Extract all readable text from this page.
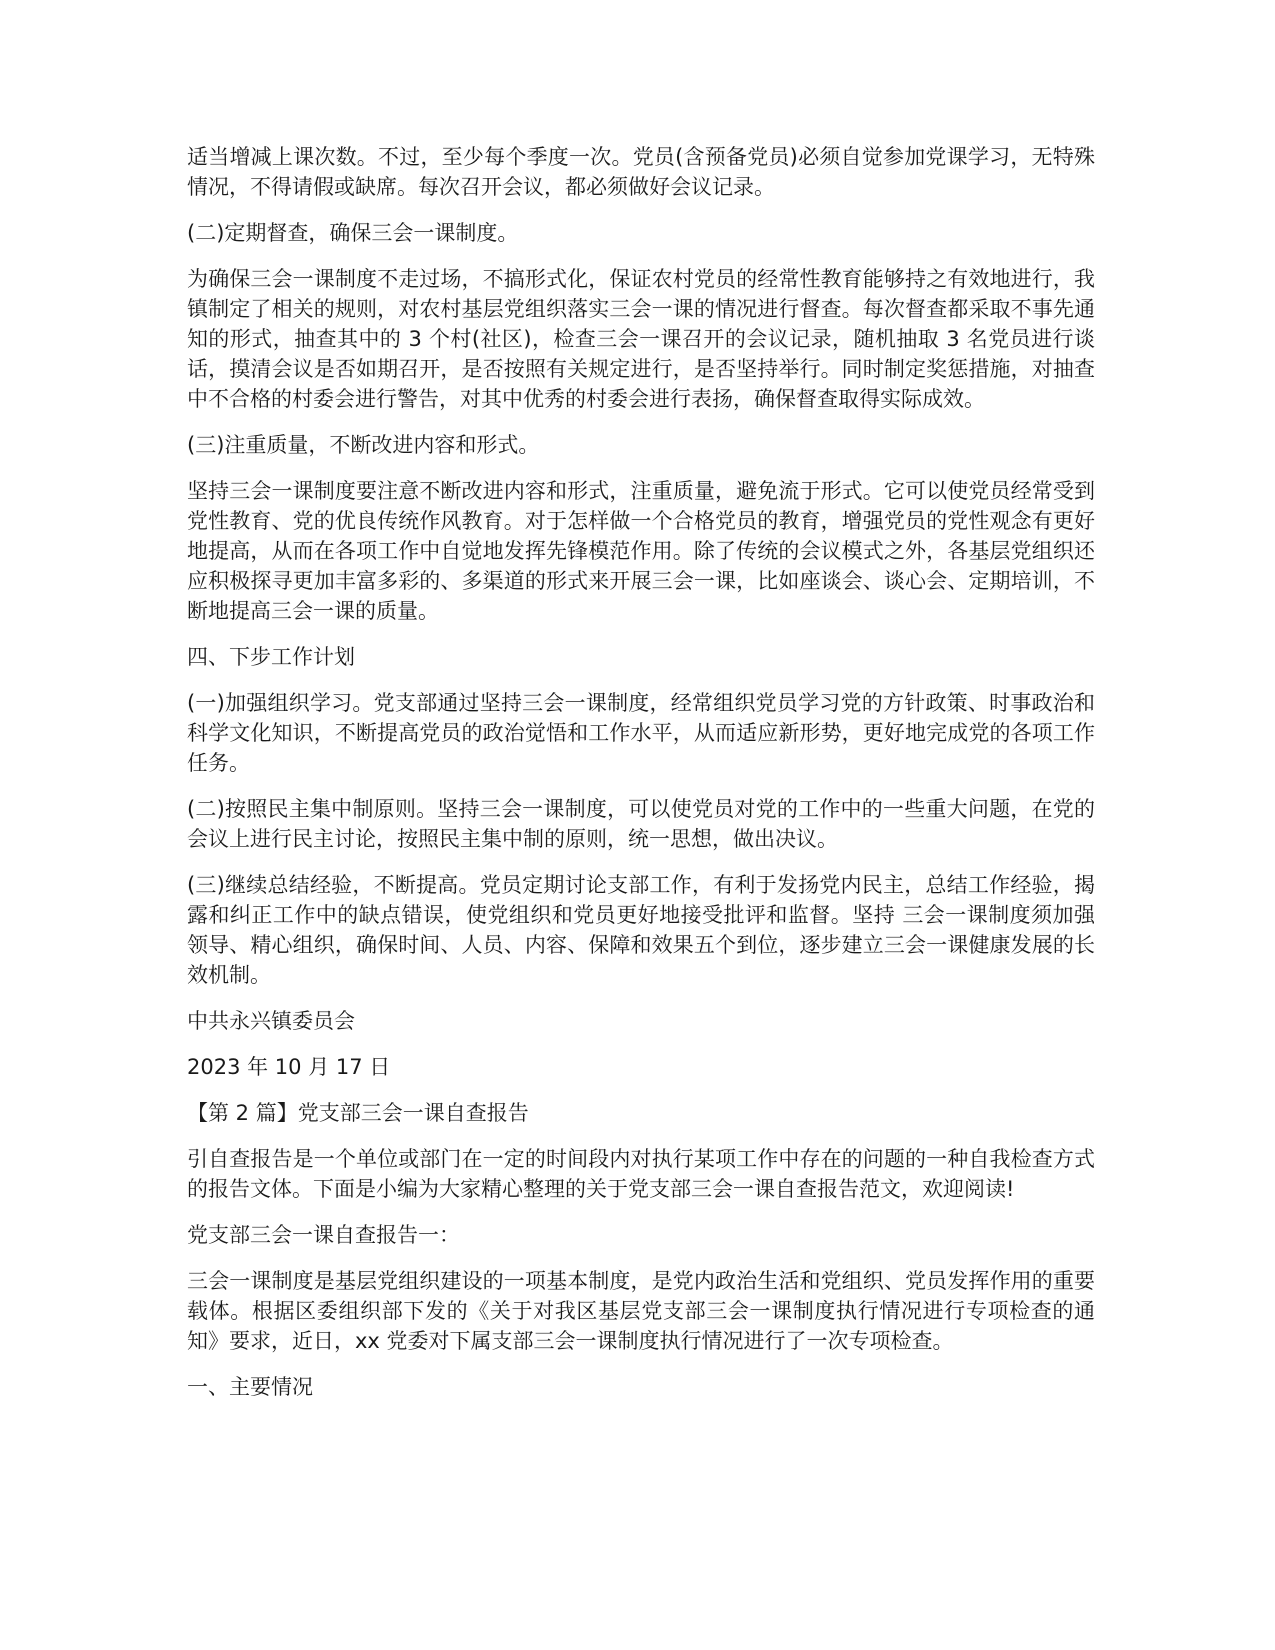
适当增减上课次数。不过，至少每个季度一次。党员(含预备党员)必须自觉参加党课学习，无特殊情况，不得请假或缺席。每次召开会议，都必须做好会议记录。

(二)定期督查，确保三会一课制度。

为确保三会一课制度不走过场，不搞形式化，保证农村党员的经常性教育能够持之有效地进行，我镇制定了相关的规则，对农村基层党组织落实三会一课的情况进行督查。每次督查都采取不事先通知的形式，抽查其中的 3 个村(社区)，检查三会一课召开的会议记录，随机抽取 3 名党员进行谈话，摸清会议是否如期召开，是否按照有关规定进行，是否坚持举行。同时制定奖惩措施，对抽查中不合格的村委会进行警告，对其中优秀的村委会进行表扬，确保督查取得实际成效。

(三)注重质量，不断改进内容和形式。

坚持三会一课制度要注意不断改进内容和形式，注重质量，避免流于形式。它可以使党员经常受到党性教育、党的优良传统作风教育。对于怎样做一个合格党员的教育，增强党员的党性观念有更好地提高，从而在各项工作中自觉地发挥先锋模范作用。除了传统的会议模式之外，各基层党组织还应积极探寻更加丰富多彩的、多渠道的形式来开展三会一课，比如座谈会、谈心会、定期培训，不断地提高三会一课的质量。

四、下步工作计划

(一)加强组织学习。党支部通过坚持三会一课制度，经常组织党员学习党的方针政策、时事政治和科学文化知识，不断提高党员的政治觉悟和工作水平，从而适应新形势，更好地完成党的各项工作任务。

(二)按照民主集中制原则。坚持三会一课制度，可以使党员对党的工作中的一些重大问题，在党的会议上进行民主讨论，按照民主集中制的原则，统一思想，做出决议。

(三)继续总结经验，不断提高。党员定期讨论支部工作，有利于发扬党内民主，总结工作经验，揭露和纠正工作中的缺点错误，使党组织和党员更好地接受批评和监督。坚持 三会一课制度须加强领导、精心组织，确保时间、人员、内容、保障和效果五个到位，逐步建立三会一课健康发展的长效机制。

中共永兴镇委员会

2023 年 10 月 17 日

【第 2 篇】党支部三会一课自查报告

引自查报告是一个单位或部门在一定的时间段内对执行某项工作中存在的问题的一种自我检查方式的报告文体。下面是小编为大家精心整理的关于党支部三会一课自查报告范文，欢迎阅读!

党支部三会一课自查报告一：

三会一课制度是基层党组织建设的一项基本制度，是党内政治生活和党组织、党员发挥作用的重要载体。根据区委组织部下发的《关于对我区基层党支部三会一课制度执行情况进行专项检查的通知》要求，近日，xx 党委对下属支部三会一课制度执行情况进行了一次专项检查。

一、主要情况
